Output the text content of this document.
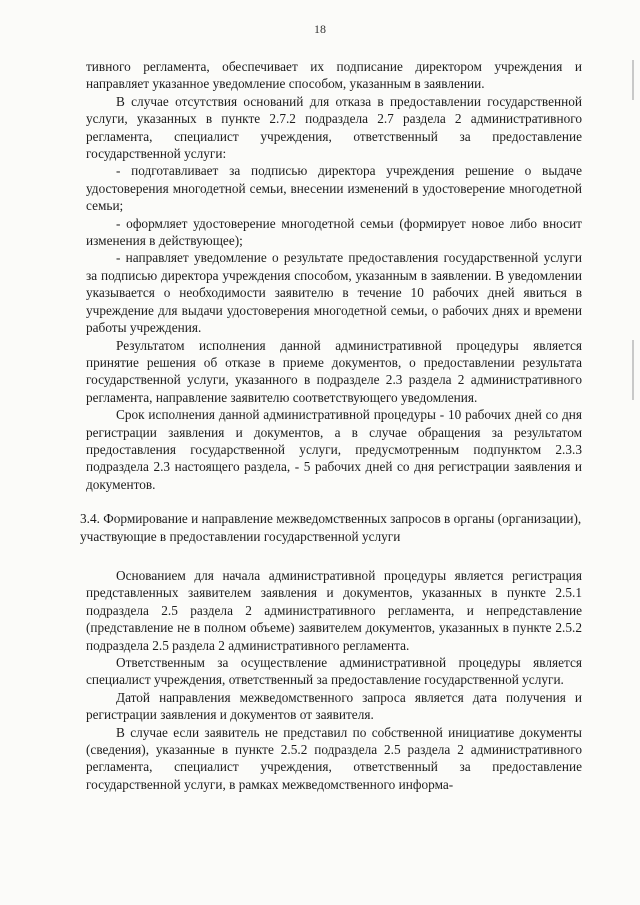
18

тивного регламента, обеспечивает их подписание директором учреждения и направляет указанное уведомление способом, указанным в заявлении.

В случае отсутствия оснований для отказа в предоставлении государственной услуги, указанных в пункте 2.7.2 подраздела 2.7 раздела 2 административного регламента, специалист учреждения, ответственный за предоставление государственной услуги:

- подготавливает за подписью директора учреждения решение о выдаче удостоверения многодетной семьи, внесении изменений в удостоверение многодетной семьи;

- оформляет удостоверение многодетной семьи (формирует новое либо вносит изменения в действующее);

- направляет уведомление о результате предоставления государственной услуги за подписью директора учреждения способом, указанным в заявлении. В уведомлении указывается о необходимости заявителю в течение 10 рабочих дней явиться в учреждение для выдачи удостоверения многодетной семьи, о рабочих днях и времени работы учреждения.

Результатом исполнения данной административной процедуры является принятие решения об отказе в приеме документов, о предоставлении результата государственной услуги, указанного в подразделе 2.3 раздела 2 административного регламента, направление заявителю соответствующего уведомления.

Срок исполнения данной административной процедуры - 10 рабочих дней со дня регистрации заявления и документов, а в случае обращения за результатом предоставления государственной услуги, предусмотренным подпунктом 2.3.3 подраздела 2.3 настоящего раздела, - 5 рабочих дней со дня регистрации заявления и документов.

3.4. Формирование и направление межведомственных запросов в органы (организации), участвующие в предоставлении государственной услуги

Основанием для начала административной процедуры является регистрация представленных заявителем заявления и документов, указанных в пункте 2.5.1 подраздела 2.5 раздела 2 административного регламента, и непредставление (представление не в полном объеме) заявителем документов, указанных в пункте 2.5.2 подраздела 2.5 раздела 2 административного регламента.

Ответственным за осуществление административной процедуры является специалист учреждения, ответственный за предоставление государственной услуги.

Датой направления межведомственного запроса является дата получения и регистрации заявления и документов от заявителя.

В случае если заявитель не представил по собственной инициативе документы (сведения), указанные в пункте 2.5.2 подраздела 2.5 раздела 2 административного регламента, специалист учреждения, ответственный за предоставление государственной услуги, в рамках межведомственного информа-
